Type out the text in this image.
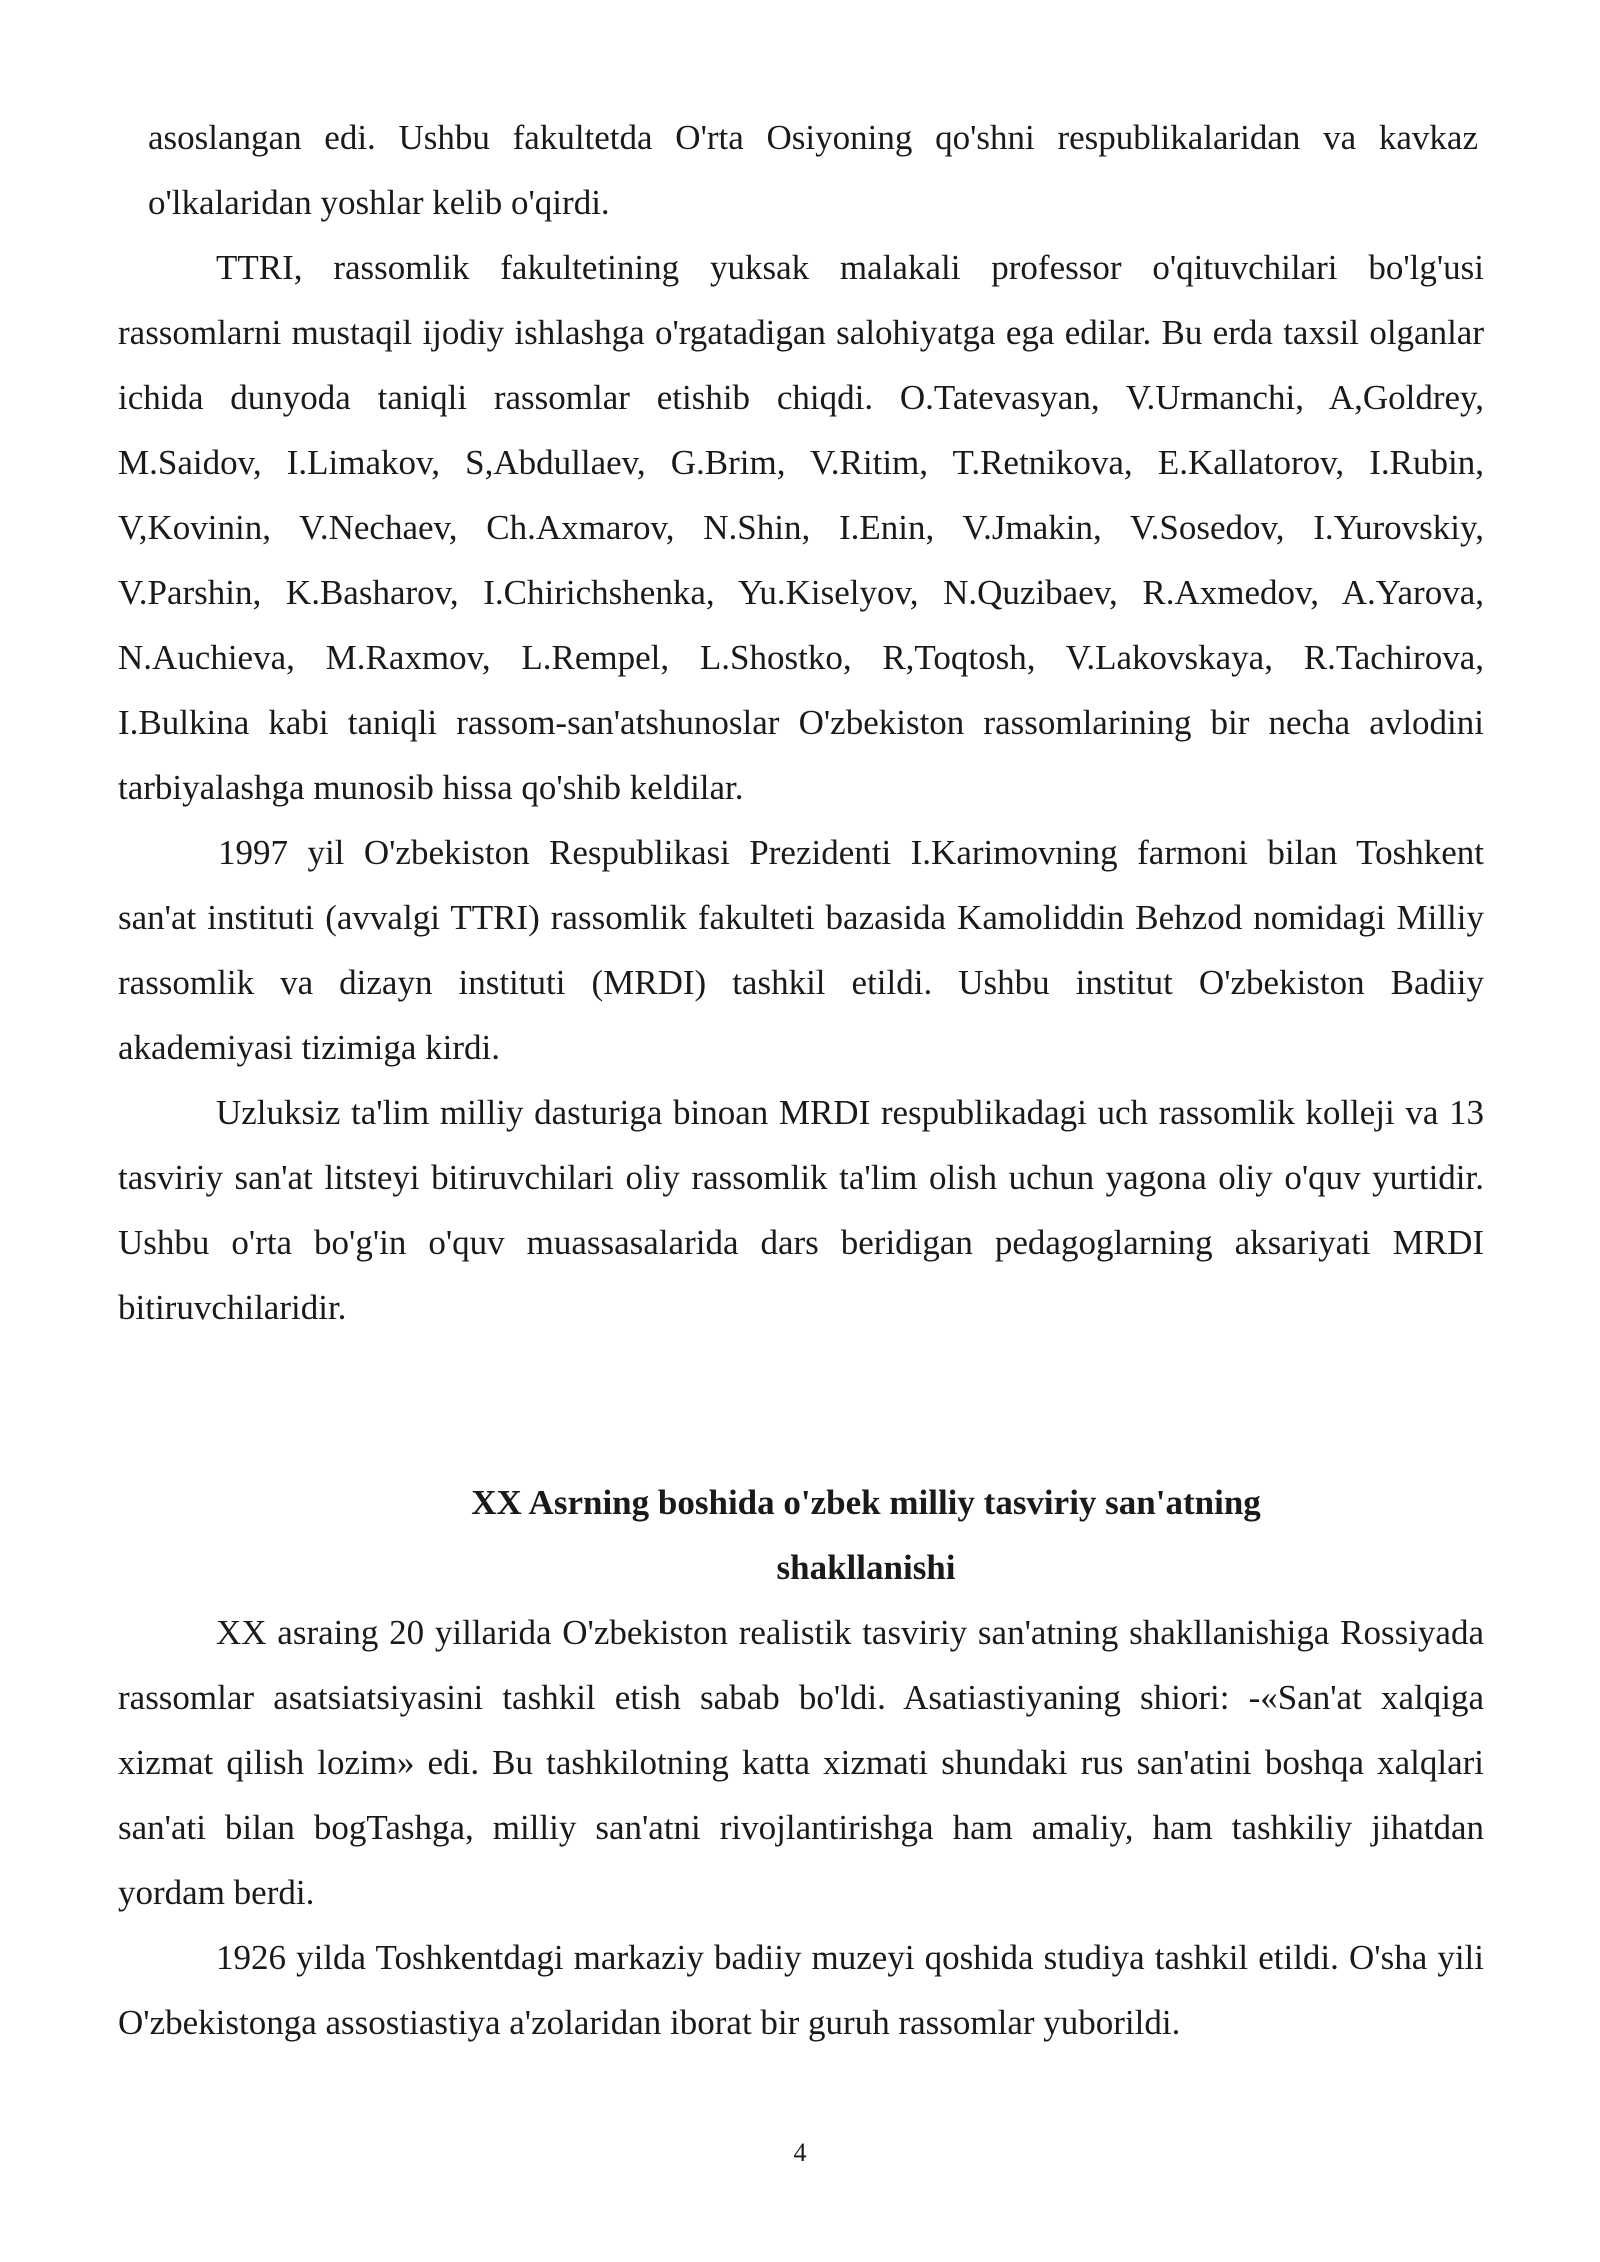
asoslangan edi. Ushbu fakultetda O'rta Osiyoning qo'shni respublikalaridan va kavkaz o'lkalaridan yoshlar kelib o'qirdi.

TTRI, rassomlik fakultetining yuksak malakali professor o'qituvchilari bo'lg'usi rassomlarni mustaqil ijodiy ishlashga o'rgatadigan salohiyatga ega edilar. Bu erda taxsil olganlar ichida dunyoda taniqli rassomlar etishib chiqdi. O.Tatevasyan, V.Urmanchi, A,Goldrey, M.Saidov, I.Limakov, S,Abdullaev, G.Brim, V.Ritim, T.Retnikova, E.Kallatorov, I.Rubin, V,Kovinin, V.Nechaev, Ch.Axmarov, N.Shin, I.Enin, V.Jmakin, V.Sosedov, I.Yurovskiy, V.Parshin, K.Basharov, I.Chirichshenka, Yu.Kiselyov, N.Quzibaev, R.Axmedov, A.Yarova, N.Auchieva, M.Raxmov, L.Rempel, L.Shostko, R,Toqtosh, V.Lakovskaya, R.Tachirova, I.Bulkina kabi taniqli rassom-san'atshunoslar O'zbekiston rassomlarining bir necha avlodini tarbiyalashga munosib hissa qo'shib keldilar.

1997 yil O'zbekiston Respublikasi Prezidenti I.Karimovning farmoni bilan Toshkent san'at instituti (avvalgi TTRI) rassomlik fakulteti bazasida Kamoliddin Behzod nomidagi Milliy rassomlik va dizayn instituti (MRDI) tashkil etildi. Ushbu institut O'zbekiston Badiiy akademiyasi tizimiga kirdi.

Uzluksiz ta'lim milliy dasturiga binoan MRDI respublikadagi uch rassomlik kolleji va 13 tasviriy san'at litsteyi bitiruvchilari oliy rassomlik ta'lim olish uchun yagona oliy o'quv yurtidir. Ushbu o'rta bo'g'in o'quv muassasalarida dars beridigan pedagoglarning aksariyati MRDI bitiruvchilaridir.

XX Asrning boshida o'zbek milliy tasviriy san'atning
shakllanishi

XX asraing 20 yillarida O'zbekiston realistik tasviriy san'atning shakllanishiga Rossiyada rassomlar asatsiatsiyasini tashkil etish sabab bo'ldi. Asatiastiyaning shiori: -«San'at xalqiga xizmat qilish lozim» edi. Bu tashkilotning katta xizmati shundaki rus san'atini boshqa xalqlari san'ati bilan bogTashga, milliy san'atni rivojlantirishga ham amaliy, ham tashkiliy jihatdan yordam berdi.

1926 yilda Toshkentdagi markaziy badiiy muzeyi qoshida studiya tashkil etildi. O'sha yili O'zbekistonga assostiastiya a'zolaridan iborat bir guruh rassomlar yuborildi.

4
